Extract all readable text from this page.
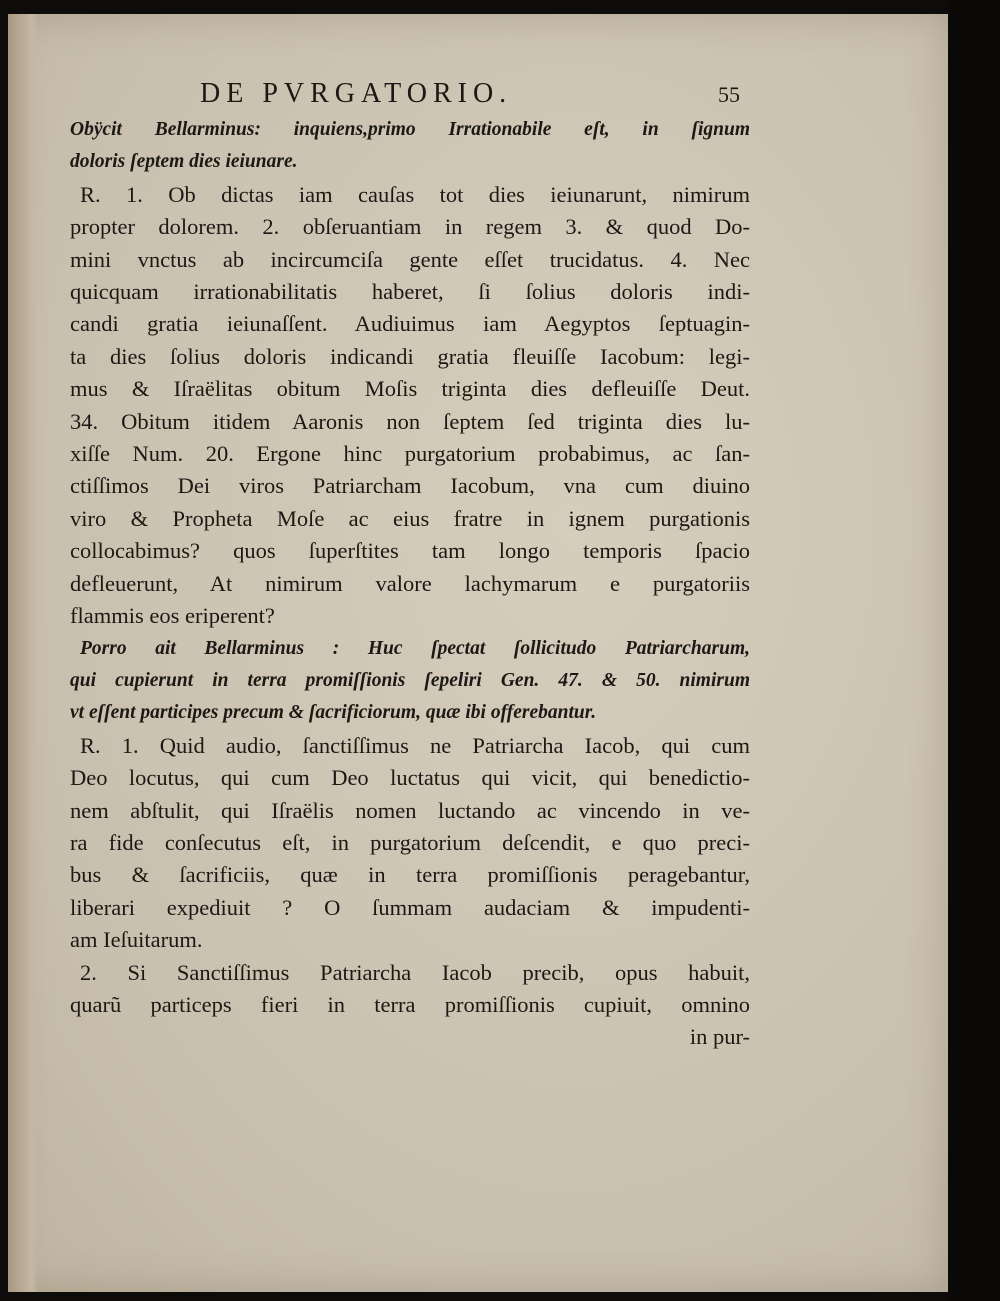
DE PVRGATORIO.	55
Obÿcit Bellarminus: inquiens,primo Irrationabile eſt, in ſignum
doloris ſeptem dies ieiunare.
R. 1. Ob dictas iam cauſas tot dies ieiunarunt, nimirum
propter dolorem. 2. obſeruantiam in regem 3. & quod Do-
mini vnctus ab incircumciſa gente eſſet trucidatus. 4. Nec
quicquam irrationabilitatis haberet, ſi ſolius doloris indi-
candi gratia ieiunaſſent. Audiuimus iam Aegyptos ſeptuagin-
ta dies ſolius doloris indicandi gratia fleuiſſe Iacobum: legi-
mus & Iſraëlitas obitum Moſis triginta dies defleuiſſe Deut.
34. Obitum itidem Aaronis non ſeptem ſed triginta dies lu-
xiſſe Num. 20. Ergone hinc purgatorium probabimus, ac ſan-
ctiſſimos Dei viros Patriarcham Iacobum, vna cum diuino
viro & Propheta Moſe ac eius fratre in ignem purgationis
collocabimus? quos ſuperſtites tam longo temporis ſpacio
defleuerunt, At nimirum valore lachymarum e purgatoriis
flammis eos eriperent?
Porro ait Bellarminus : Huc ſpectat ſollicitudo Patriarcharum,
qui cupierunt in terra promiſſionis ſepeliri Gen. 47. & 50. nimirum
vt eſſent participes precum & ſacrificiorum, quæ ibi offerebantur.
R. 1. Quid audio, ſanctiſſimus ne Patriarcha Iacob, qui cum
Deo locutus, qui cum Deo luctatus qui vicit, qui benedictio-
nem abſtulit, qui Iſraëlis nomen luctando ac vincendo in ve-
ra fide conſecutus eſt, in purgatorium deſcendit, e quo preci-
bus & ſacrificiis, quæ in terra promiſſionis peragebantur,
liberari expediuit ? O ſummam audaciam & impudenti-
am Ieſuitarum.
2. Si Sanctiſſimus Patriarcha Iacob precib, opus habuit,
quarũ particeps fieri in terra promiſſionis cupiuit, omnino
in pur-
